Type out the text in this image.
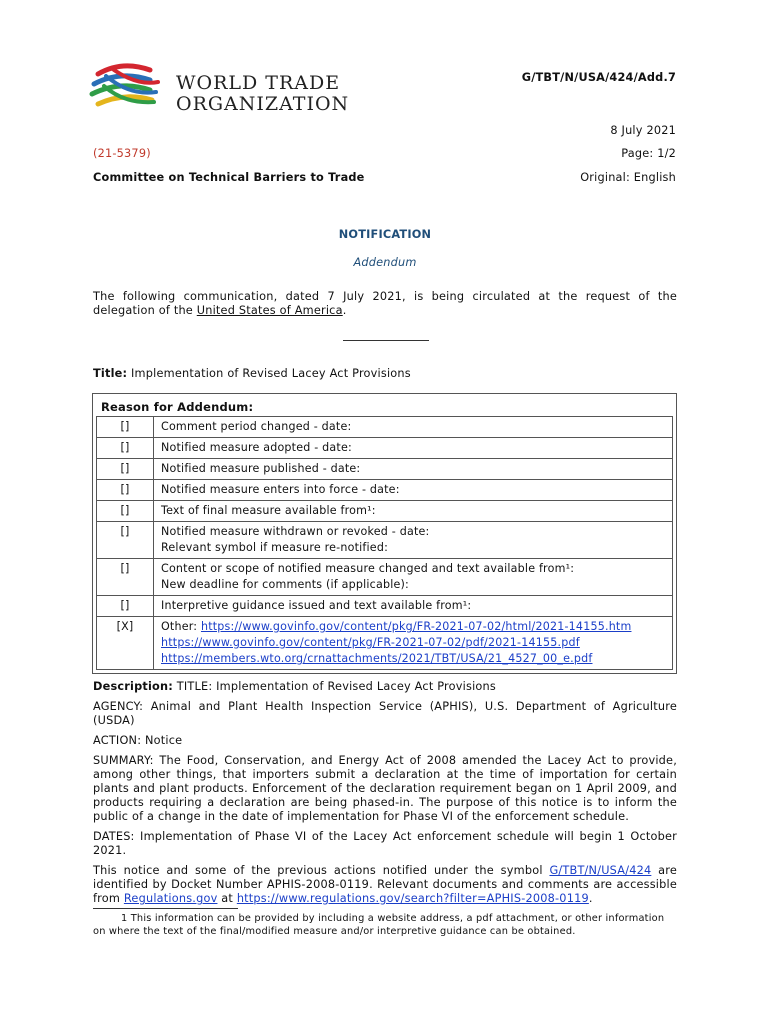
WORLD TRADE
ORGANIZATION
G/TBT/N/USA/424/Add.7
8 July 2021
(21-5379)	Page: 1/2
Committee on Technical Barriers to Trade	Original: English
NOTIFICATION
Addendum
The following communication, dated 7 July 2021, is being circulated at the request of the delegation of the United States of America.
Title: Implementation of Revised Lacey Act Provisions
Reason for Addendum:
[]	Comment period changed - date:
[]	Notified measure adopted - date:
[]	Notified measure published - date:
[]	Notified measure enters into force - date:
[]	Text of final measure available from¹:
[]	Notified measure withdrawn or revoked - date:
Relevant symbol if measure re-notified:

[]	Content or scope of notified measure changed and text available from¹:
New deadline for comments (if applicable):

[]	Interpretive guidance issued and text available from¹:
[X]	Other: https://www.govinfo.gov/content/pkg/FR-2021-07-02/html/2021-14155.htm
https://www.govinfo.gov/content/pkg/FR-2021-07-02/pdf/2021-14155.pdf
https://members.wto.org/crnattachments/2021/TBT/USA/21_4527_00_e.pdf
Description: TITLE: Implementation of Revised Lacey Act Provisions
AGENCY: Animal and Plant Health Inspection Service (APHIS), U.S. Department of Agriculture (USDA)
ACTION: Notice
SUMMARY: The Food, Conservation, and Energy Act of 2008 amended the Lacey Act to provide, among other things, that importers submit a declaration at the time of importation for certain plants and plant products. Enforcement of the declaration requirement began on 1 April 2009, and products requiring a declaration are being phased-in. The purpose of this notice is to inform the public of a change in the date of implementation for Phase VI of the enforcement schedule.
DATES: Implementation of Phase VI of the Lacey Act enforcement schedule will begin 1 October 2021.
This notice and some of the previous actions notified under the symbol G/TBT/N/USA/424 are identified by Docket Number APHIS-2008-0119. Relevant documents and comments are accessible from Regulations.gov at https://www.regulations.gov/search?filter=APHIS-2008-0119.
1 This information can be provided by including a website address, a pdf attachment, or other information on where the text of the final/modified measure and/or interpretive guidance can be obtained.
